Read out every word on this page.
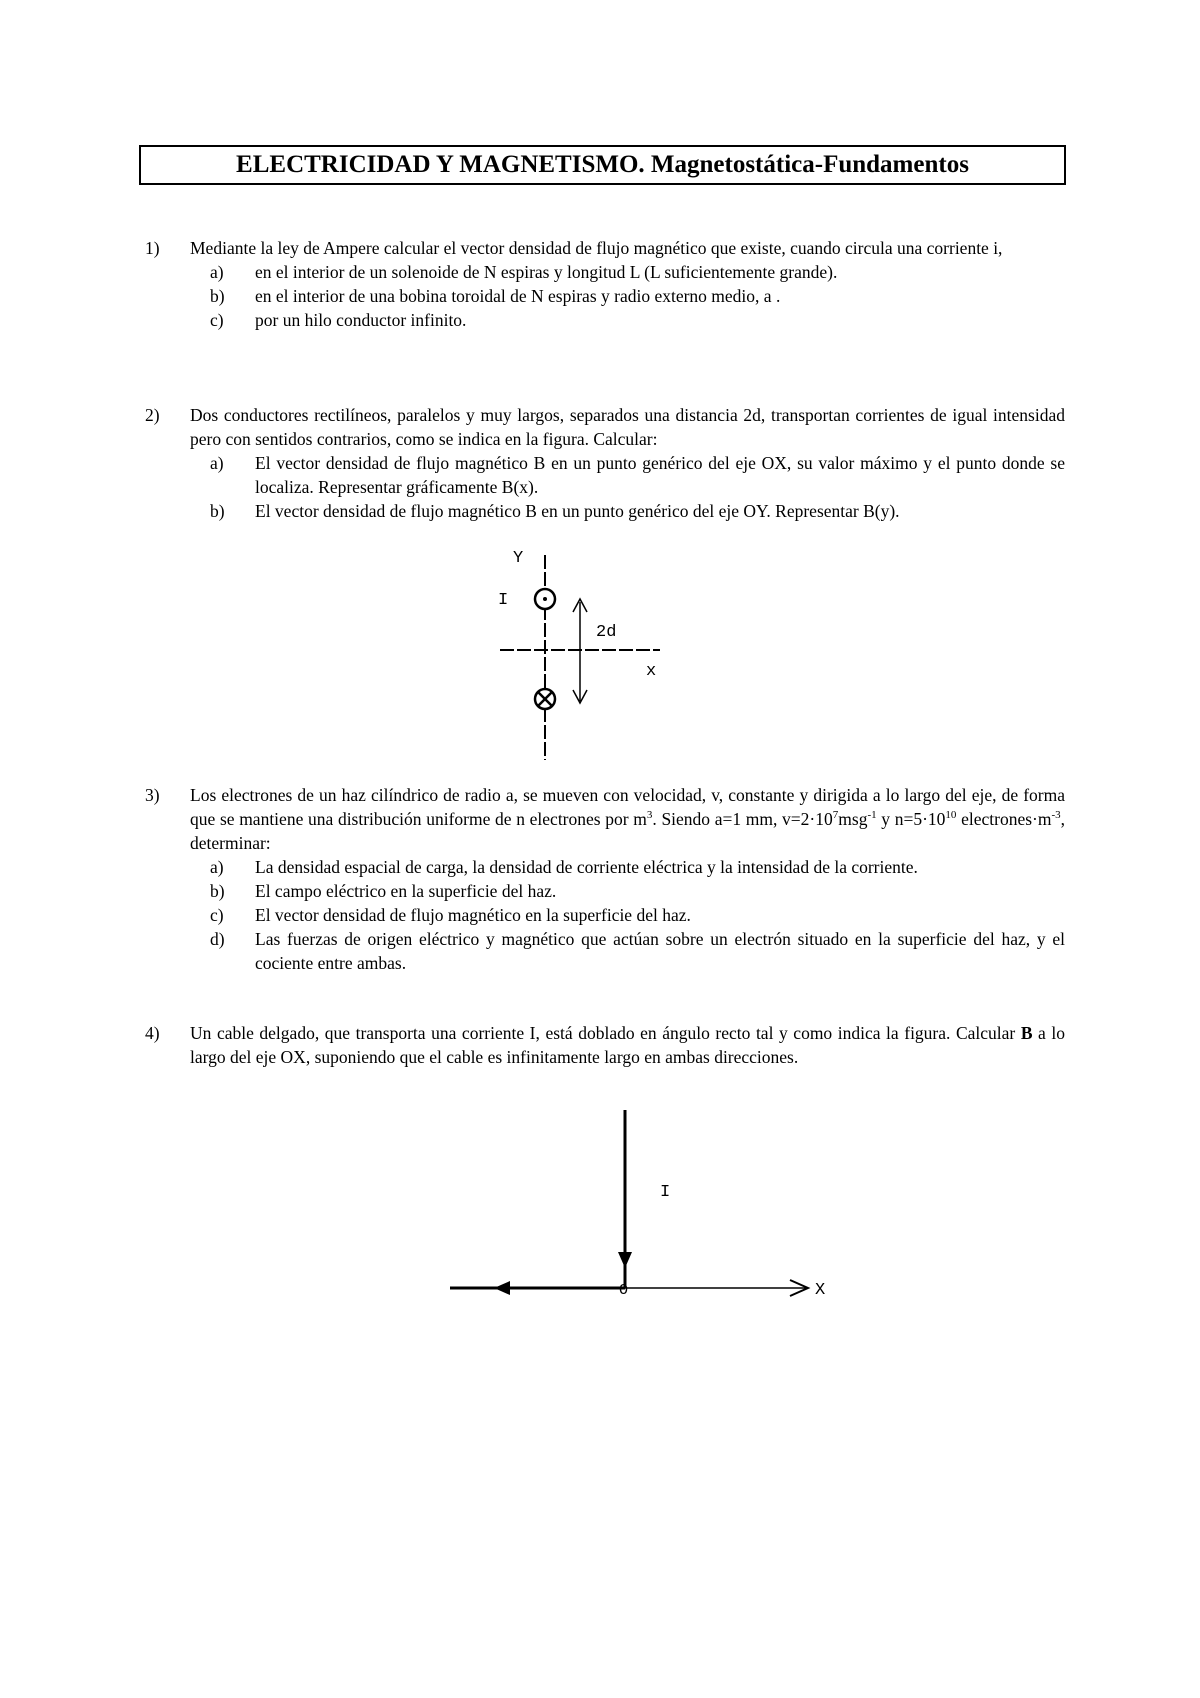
ELECTRICIDAD Y MAGNETISMO. Magnetostática-Fundamentos
1) Mediante la ley de Ampere calcular el vector densidad de flujo magnético que existe, cuando circula una corriente i,
a) en el interior de un solenoide de N espiras y longitud L (L suficientemente grande).
b) en el interior de una bobina toroidal de N espiras y radio externo medio, a .
c) por un hilo conductor infinito.
2) Dos conductores rectilíneos, paralelos y muy largos, separados una distancia 2d, transportan corrientes de igual intensidad pero con sentidos contrarios, como se indica en la figura. Calcular:
a) El vector densidad de flujo magnético B en un punto genérico del eje OX, su valor máximo y el punto donde se localiza. Representar gráficamente B(x).
b) El vector densidad de flujo magnético B en un punto genérico del eje OY. Representar B(y).
Y
I
2d
x
3) Los electrones de un haz cilíndrico de radio a, se mueven con velocidad, v, constante y dirigida a lo largo del eje, de forma que se mantiene una distribución uniforme de n electrones por $m^3$. Siendo a=1 mm, $v=2\cdot 10^7msg^{-1}$ y $n=5\cdot 10^{10}$ $electrones\cdot m^{-3}$, determinar:
a) La densidad espacial de carga, la densidad de corriente eléctrica y la intensidad de la corriente.
b) El campo eléctrico en la superficie del haz.
c) El vector densidad de flujo magnético en la superficie del haz.
d) Las fuerzas de origen eléctrico y magnético que actúan sobre un electrón situado en la superficie del haz, y el cociente entre ambas.
4) Un cable delgado, que transporta una corriente I, está doblado en ángulo recto tal y como indica la figura. Calcular B a lo largo del eje OX, suponiendo que el cable es infinitamente largo en ambas direcciones.
I
O	X
